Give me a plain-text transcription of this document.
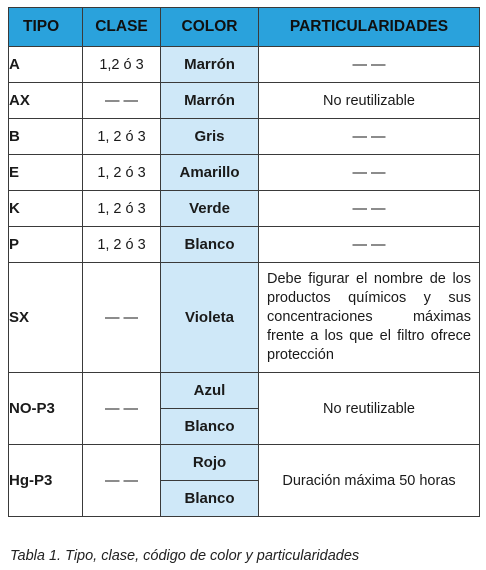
TIPO	CLASE	COLOR	PARTICULARIDADES
A	1,2 ó 3	Marrón	— —
AX	— —	Marrón	No reutilizable
B	1, 2 ó 3	Gris	— —
E	1, 2 ó 3	Amarillo	— —
K	1, 2 ó 3	Verde	— —
P	1, 2 ó 3	Blanco	— —
SX	— —	Violeta	Debe figurar el nombre de los productos químicos y sus concentraciones máximas frente a los que el filtro ofrece protección
NO-P3	— —	Azul	No reutilizable
		Blanco	
Hg-P3	— —	Rojo	Duración máxima 50 horas
		Blanco	
Tabla 1. Tipo, clase, código de color y particularidades
